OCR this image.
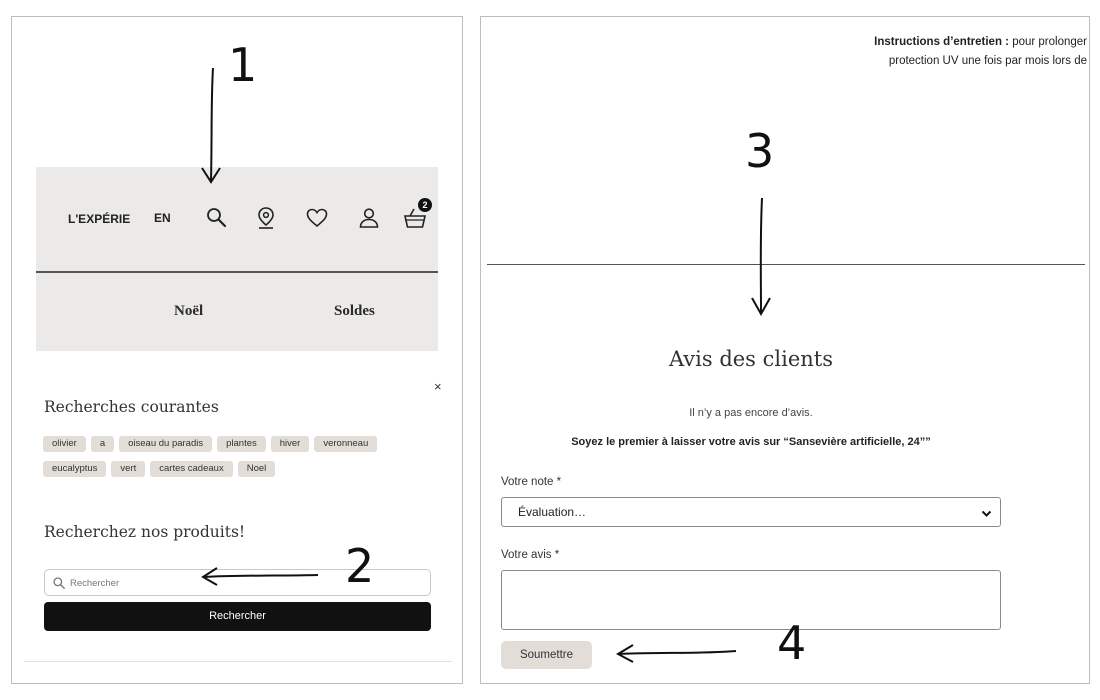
L'EXPÉRIE EN
2
Noël	Soldes
×
Recherches courantes
olivier a oiseau du paradis plantes hiver veronneaueucalyptus vert cartes cadeaux Noel
Recherchez nos produits!
Rechercher
Rechercher
Instructions d’entretien : pour prolonger
protection UV une fois par mois lors de
Avis des clients
Il n’y a pas encore d’avis.
Soyez le premier à laisser votre avis sur “Sansevière artificielle, 24””
Votre note *
Évaluation…
Votre avis *
Soumettre
1
2
3
4
